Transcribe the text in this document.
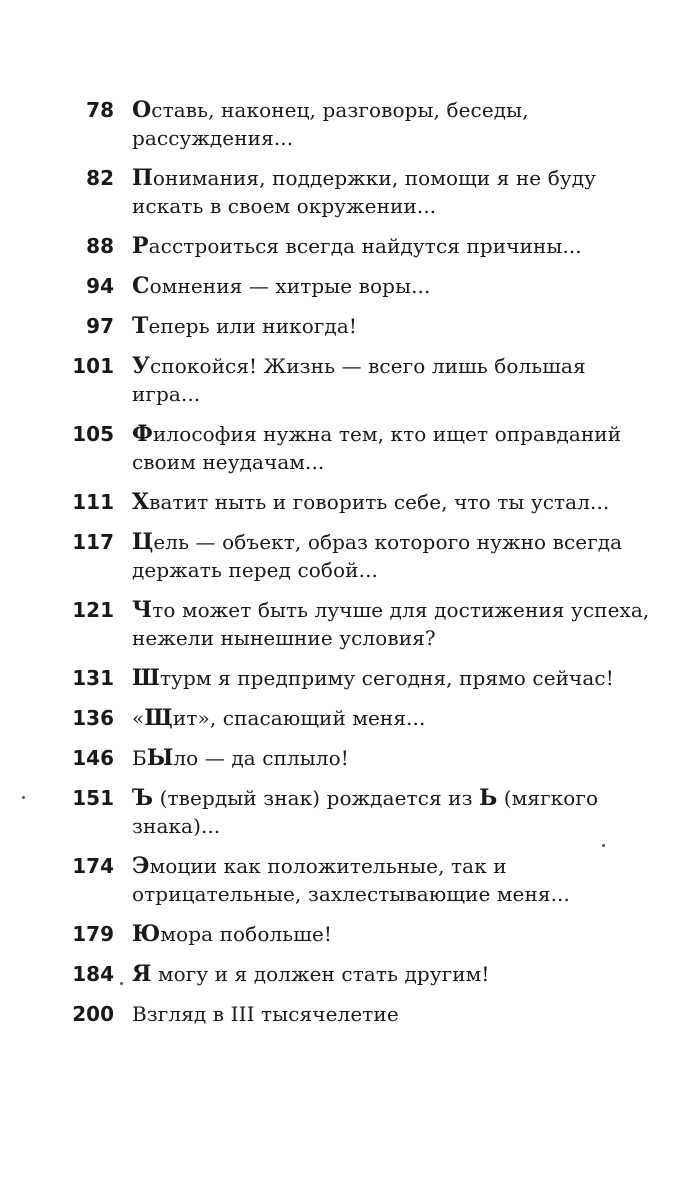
78 Оставь, наконец, разговоры, беседы, рассуждения...
82 Понимания, поддержки, помощи я не буду искать в своем окружении...
88 Расстроиться всегда найдутся причины...
94 Сомнения — хитрые воры...
97 Теперь или никогда!
101 Успокойся! Жизнь — всего лишь большая игра...
105 Философия нужна тем, кто ищет оправданий своим неудачам...
111 Хватит ныть и говорить себе, что ты устал...
117 Цель — объект, образ которого нужно всегда держать перед собой...
121 Что может быть лучше для достижения успеха, нежели нынешние условия?
131 Штурм я предприму сегодня, прямо сейчас!
136 «Щит», спасающий меня...
146 БЫло — да сплыло!
151 Ъ (твердый знак) рождается из Ь (мягкого знака)...
174 Эмоции как положительные, так и отрицательные, захлестывающие меня...
179 Юмора побольше!
184 Я могу и я должен стать другим!
200 Взгляд в III тысячелетие
